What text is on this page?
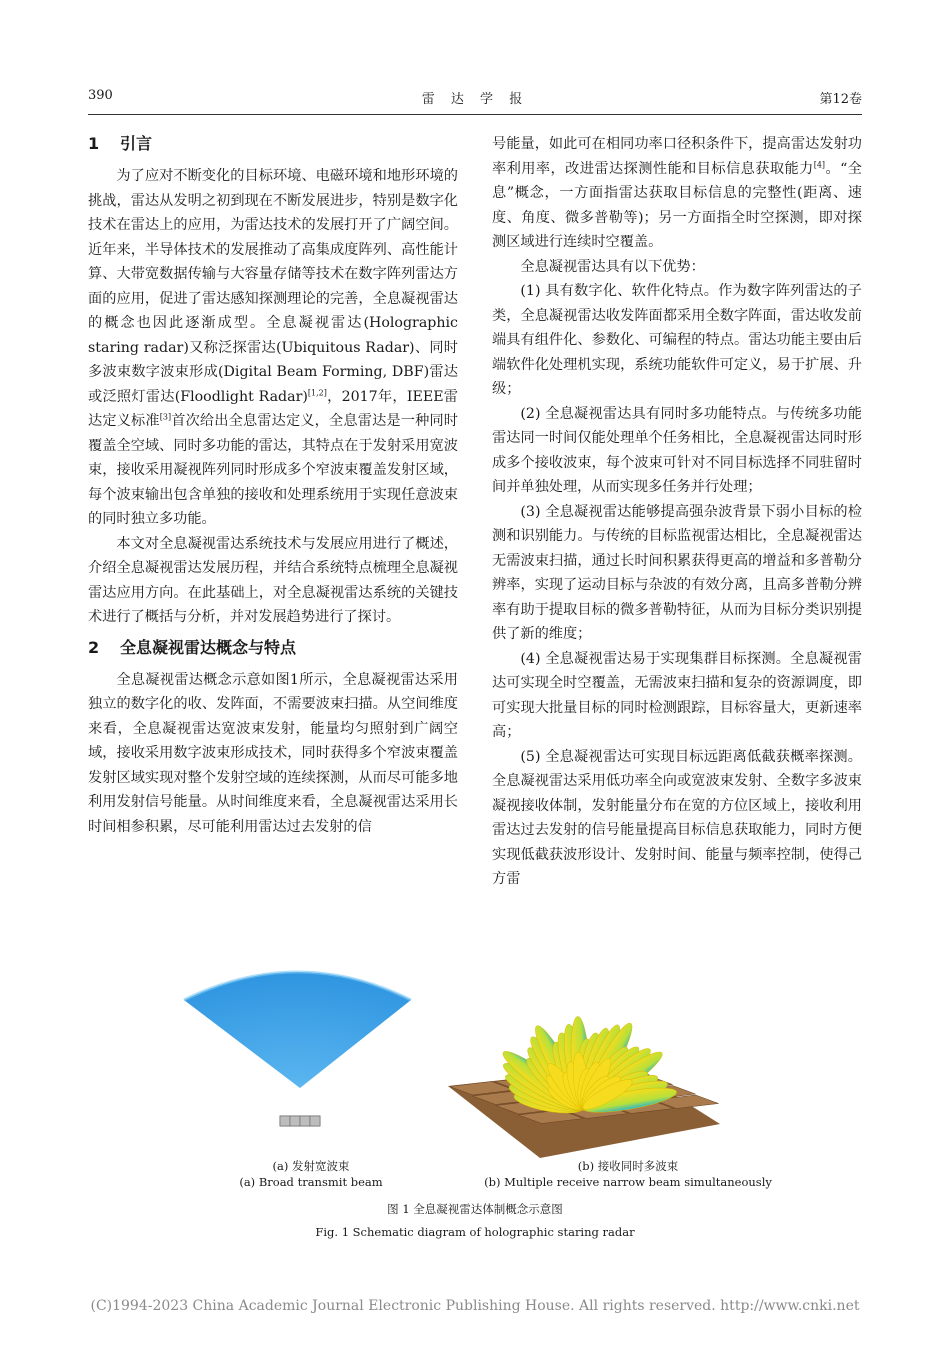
390	雷 达 学 报	第12卷
1 引言

为了应对不断变化的目标环境、电磁环境和地形环境的挑战，雷达从发明之初到现在不断发展进步，特别是数字化技术在雷达上的应用，为雷达技术的发展打开了广阔空间。近年来，半导体技术的发展推动了高集成度阵列、高性能计算、大带宽数据传输与大容量存储等技术在数字阵列雷达方面的应用，促进了雷达感知探测理论的完善，全息凝视雷达的概念也因此逐渐成型。全息凝视雷达(Holographic staring radar)又称泛探雷达(Ubiquitous Radar)、同时多波束数字波束形成(Digital Beam Forming, DBF)雷达或泛照灯雷达(Floodlight Radar)[1,2]，2017年，IEEE雷达定义标准[3]首次给出全息雷达定义，全息雷达是一种同时覆盖全空域、同时多功能的雷达，其特点在于发射采用宽波束，接收采用凝视阵列同时形成多个窄波束覆盖发射区域，每个波束输出包含单独的接收和处理系统用于实现任意波束的同时独立多功能。

本文对全息凝视雷达系统技术与发展应用进行了概述，介绍全息凝视雷达发展历程，并结合系统特点梳理全息凝视雷达应用方向。在此基础上，对全息凝视雷达系统的关键技术进行了概括与分析，并对发展趋势进行了探讨。

2 全息凝视雷达概念与特点

全息凝视雷达概念示意如图1所示，全息凝视雷达采用独立的数字化的收、发阵面，不需要波束扫描。从空间维度来看，全息凝视雷达宽波束发射，能量均匀照射到广阔空域，接收采用数字波束形成技术，同时获得多个窄波束覆盖发射区域实现对整个发射空域的连续探测，从而尽可能多地利用发射信号能量。从时间维度来看，全息凝视雷达采用长时间相参积累，尽可能利用雷达过去发射的信

号能量，如此可在相同功率口径积条件下，提高雷达发射功率利用率，改进雷达探测性能和目标信息获取能力[4]。“全息”概念，一方面指雷达获取目标信息的完整性(距离、速度、角度、微多普勒等)；另一方面指全时空探测，即对探测区域进行连续时空覆盖。

全息凝视雷达具有以下优势：

(1) 具有数字化、软件化特点。作为数字阵列雷达的子类，全息凝视雷达收发阵面都采用全数字阵面，雷达收发前端具有组件化、参数化、可编程的特点。雷达功能主要由后端软件化处理机实现，系统功能软件可定义，易于扩展、升级；

(2) 全息凝视雷达具有同时多功能特点。与传统多功能雷达同一时间仅能处理单个任务相比，全息凝视雷达同时形成多个接收波束，每个波束可针对不同目标选择不同驻留时间并单独处理，从而实现多任务并行处理；

(3) 全息凝视雷达能够提高强杂波背景下弱小目标的检测和识别能力。与传统的目标监视雷达相比，全息凝视雷达无需波束扫描，通过长时间积累获得更高的增益和多普勒分辨率，实现了运动目标与杂波的有效分离，且高多普勒分辨率有助于提取目标的微多普勒特征，从而为目标分类识别提供了新的维度；

(4) 全息凝视雷达易于实现集群目标探测。全息凝视雷达可实现全时空覆盖，无需波束扫描和复杂的资源调度，即可实现大批量目标的同时检测跟踪，目标容量大，更新速率高；

(5) 全息凝视雷达可实现目标远距离低截获概率探测。全息凝视雷达采用低功率全向或宽波束发射、全数字多波束凝视接收体制，发射能量分布在宽的方位区域上，接收利用雷达过去发射的信号能量提高目标信息获取能力，同时方便实现低截获波形设计、发射时间、能量与频率控制，使得己方雷

(a) 发射宽波束
(a) Broad transmit beam
(b) 接收同时多波束
(b) Multiple receive narrow beam simultaneously
图 1 全息凝视雷达体制概念示意图
Fig. 1 Schematic diagram of holographic staring radar
(C)1994-2023 China Academic Journal Electronic Publishing House. All rights reserved. http://www.cnki.net
